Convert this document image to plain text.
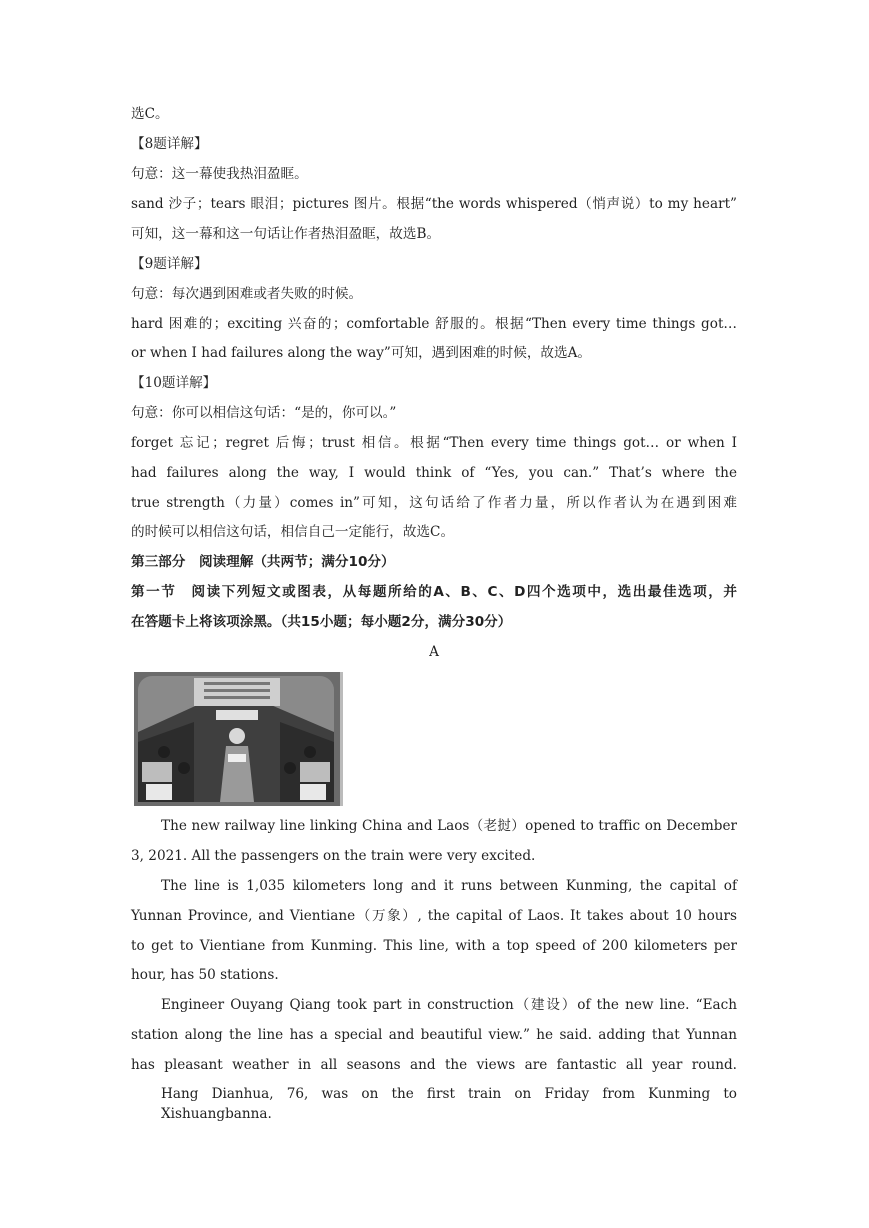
选C。
【8题详解】
句意：这一幕使我热泪盈眶。
sand 沙子；tears 眼泪；pictures 图片。根据“the words whispered（悄声说）to my heart”
可知，这一幕和这一句话让作者热泪盈眶，故选B。
【9题详解】
句意：每次遇到困难或者失败的时候。
hard 困难的；exciting 兴奋的；comfortable 舒服的。根据“Then every time things got…
or when I had failures along the way”可知，遇到困难的时候，故选A。
【10题详解】
句意：你可以相信这句话：“是的，你可以。”
forget 忘记；regret 后悔；trust 相信。根据“Then every time things got… or when I
had failures along the way, I would think of “Yes, you can.” That’s where the
true strength（力量）comes in”可知，这句话给了作者力量，所以作者认为在遇到困难
的时候可以相信这句话，相信自己一定能行，故选C。
第三部分　阅读理解（共两节；满分10分）
第一节　阅读下列短文或图表，从每题所给的A、B、C、D四个选项中，选出最佳选项，并
在答题卡上将该项涂黑。（共15小题；每小题2分，满分30分）
A
The new railway line linking China and Laos（老挝）opened to traffic on December
3, 2021. All the passengers on the train were very excited.
The line is 1,035 kilometers long and it runs between Kunming, the capital of
Yunnan Province, and Vientiane（万象）, the capital of Laos. It takes about 10 hours
to get to Vientiane from Kunming. This line, with a top speed of 200 kilometers per
hour, has 50 stations.
Engineer Ouyang Qiang took part in construction（建设）of the new line. “Each
station along the line has a special and beautiful view.” he said. adding that Yunnan
has pleasant weather in all seasons and the views are fantastic all year round.
Hang Dianhua, 76, was on the first train on Friday from Kunming to Xishuangbanna.
